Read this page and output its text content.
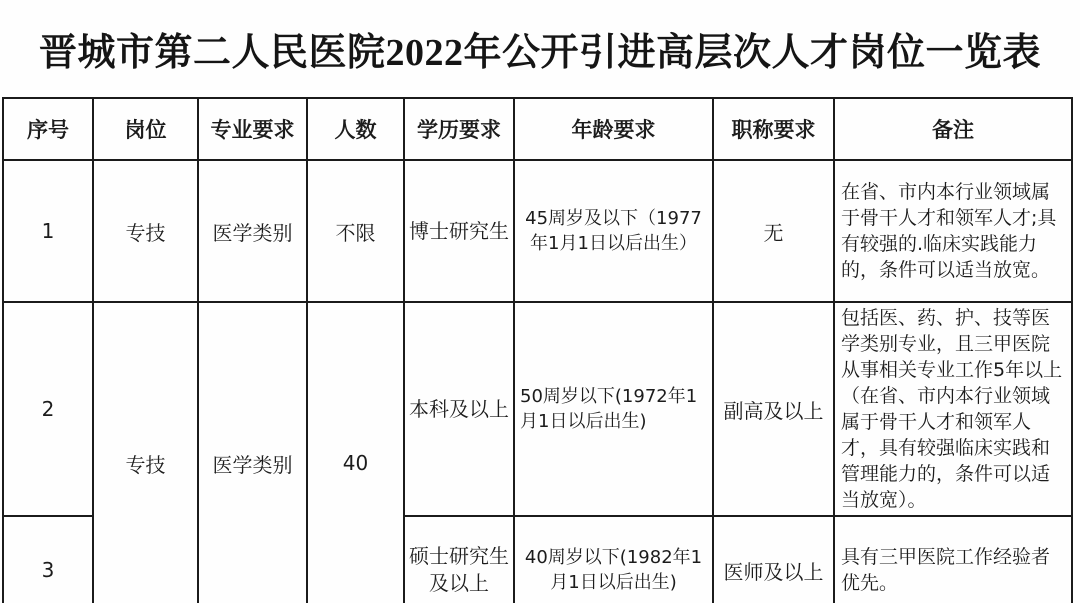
晋城市第二人民医院2022年公开引进高层次人才岗位一览表
序号	岗位	专业要求	人数	学历要求	年龄要求	职称要求	备注
1	专技	医学类别	不限	博士研究生	45周岁及以下（1977年1月1日以后出生）	无	在省、市内本行业领域属于骨干人才和领军人才;具有较强的.临床实践能力的，条件可以适当放宽。
2	专技	医学类别	40	本科及以上	50周岁以下(1972年1月1日以后出生)	副高及以上	包括医、药、护、技等医学类别专业，且三甲医院从事相关专业工作5年以上（在省、市内本行业领域属于骨干人才和领军人才，具有较强临床实践和管理能力的，条件可以适当放宽）。
3				硕士研究生及以上	40周岁以下(1982年1月1日以后出生)	医师及以上	具有三甲医院工作经验者优先。
